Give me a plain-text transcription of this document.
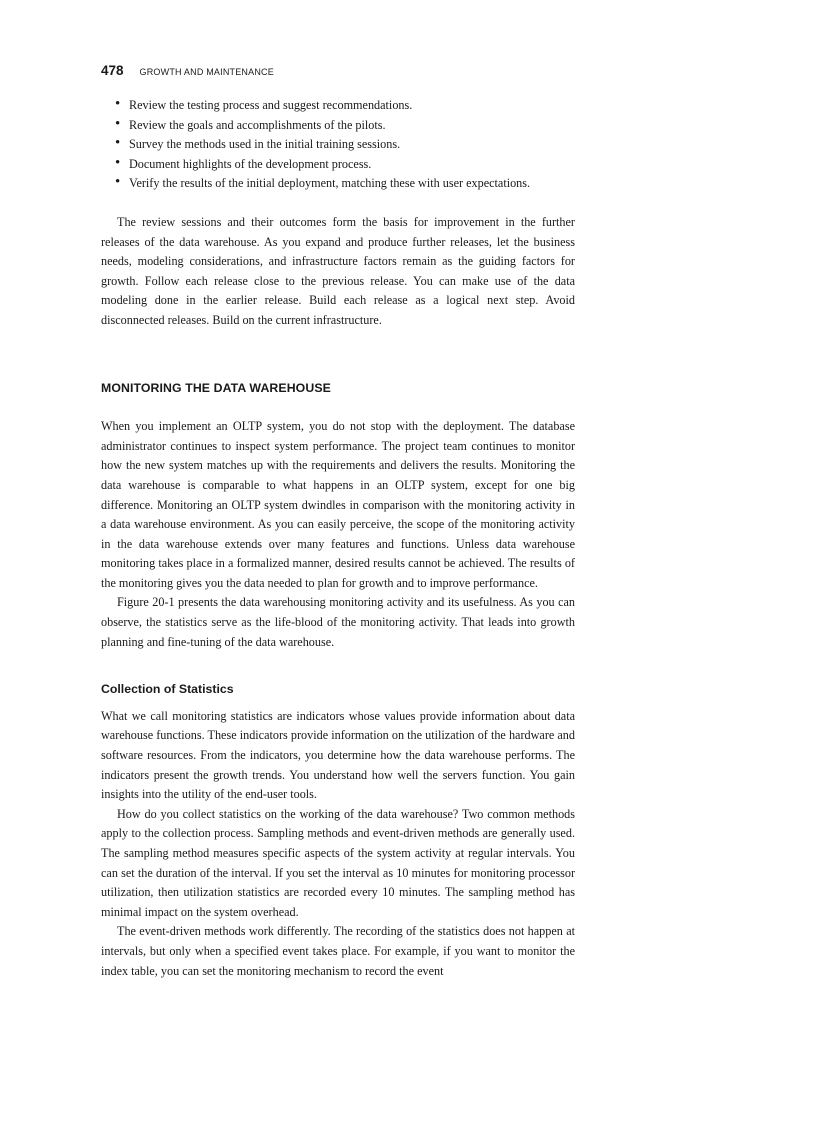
478 GROWTH AND MAINTENANCE
• Review the testing process and suggest recommendations.
• Review the goals and accomplishments of the pilots.
• Survey the methods used in the initial training sessions.
• Document highlights of the development process.
• Verify the results of the initial deployment, matching these with user expectations.

The review sessions and their outcomes form the basis for improvement in the further releases of the data warehouse. As you expand and produce further releases, let the business needs, modeling considerations, and infrastructure factors remain as the guiding factors for growth. Follow each release close to the previous release. You can make use of the data modeling done in the earlier release. Build each release as a logical next step. Avoid disconnected releases. Build on the current infrastructure.

MONITORING THE DATA WAREHOUSE

When you implement an OLTP system, you do not stop with the deployment. The database administrator continues to inspect system performance. The project team continues to monitor how the new system matches up with the requirements and delivers the results. Monitoring the data warehouse is comparable to what happens in an OLTP system, except for one big difference. Monitoring an OLTP system dwindles in comparison with the monitoring activity in a data warehouse environment. As you can easily perceive, the scope of the monitoring activity in the data warehouse extends over many features and functions. Unless data warehouse monitoring takes place in a formalized manner, desired results cannot be achieved. The results of the monitoring gives you the data needed to plan for growth and to improve performance.

Figure 20-1 presents the data warehousing monitoring activity and its usefulness. As you can observe, the statistics serve as the life-blood of the monitoring activity. That leads into growth planning and fine-tuning of the data warehouse.

Collection of Statistics

What we call monitoring statistics are indicators whose values provide information about data warehouse functions. These indicators provide information on the utilization of the hardware and software resources. From the indicators, you determine how the data warehouse performs. The indicators present the growth trends. You understand how well the servers function. You gain insights into the utility of the end-user tools.

How do you collect statistics on the working of the data warehouse? Two common methods apply to the collection process. Sampling methods and event-driven methods are generally used. The sampling method measures specific aspects of the system activity at regular intervals. You can set the duration of the interval. If you set the interval as 10 minutes for monitoring processor utilization, then utilization statistics are recorded every 10 minutes. The sampling method has minimal impact on the system overhead.

The event-driven methods work differently. The recording of the statistics does not happen at intervals, but only when a specified event takes place. For example, if you want to monitor the index table, you can set the monitoring mechanism to record the event
